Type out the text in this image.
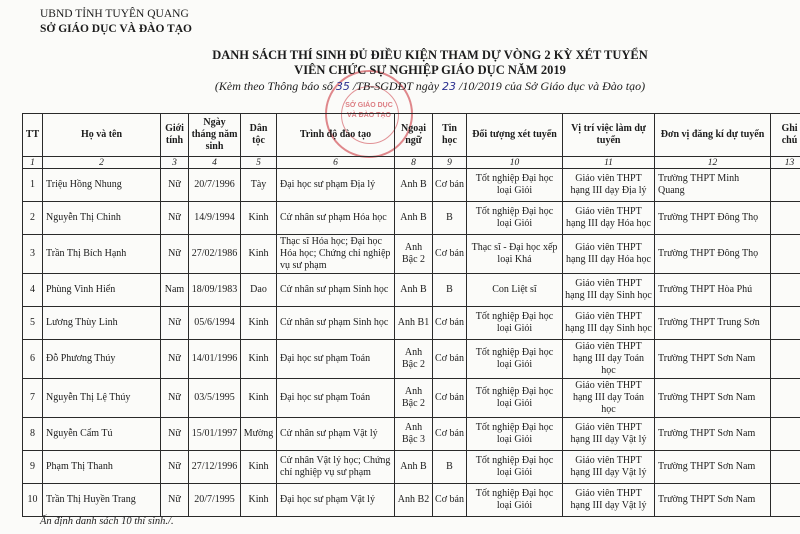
UBND TỈNH TUYÊN QUANG
SỞ GIÁO DỤC VÀ ĐÀO TẠO
SỞ GIÁO DỤC
VÀ ĐÀO TẠO
DANH SÁCH THÍ SINH ĐỦ ĐIỀU KIỆN THAM DỰ VÒNG 2 KỲ XÉT TUYỂN
VIÊN CHỨC SỰ NGHIỆP GIÁO DỤC NĂM 2019
(Kèm theo Thông báo số 35 /TB-SGDĐT ngày 23 /10/2019 của Sở Giáo dục và Đào tạo)
TT	Họ và tên	Giới tính	Ngày tháng năm sinh	Dân tộc	Trình độ đào tạo	Ngoại ngữ	Tin học	Đối tượng xét tuyển	Vị trí việc làm dự tuyển	Đơn vị đăng kí dự tuyển	Ghi chú
1	2	3	4	5	6	8	9	10	11	12	13
1	Triệu Hồng Nhung	Nữ	20/7/1996	Tày	Đại học sư phạm Địa lý	Anh B	Cơ bản	Tốt nghiệp Đại học loại Giỏi	Giáo viên THPT hạng III dạy Địa lý	Trường THPT Minh Quang	
2	Nguyễn Thị Chinh	Nữ	14/9/1994	Kinh	Cử nhân sư phạm Hóa học	Anh B	B	Tốt nghiệp Đại học loại Giỏi	Giáo viên THPT hạng III dạy Hóa học	Trường THPT Đông Thọ	
3	Trần Thị Bích Hạnh	Nữ	27/02/1986	Kinh	Thạc sĩ Hóa học; Đại học Hóa học; Chứng chỉ nghiệp vụ sư phạm	Anh Bậc 2	Cơ bản	Thạc sĩ - Đại học xếp loại Khá	Giáo viên THPT hạng III dạy Hóa học	Trường THPT Đông Thọ	
4	Phùng Vinh Hiển	Nam	18/09/1983	Dao	Cử nhân sư phạm Sinh học	Anh B	B	Con Liệt sĩ	Giáo viên THPT hạng III dạy Sinh học	Trường THPT Hòa Phú	
5	Lương Thùy Linh	Nữ	05/6/1994	Kinh	Cử nhân sư phạm Sinh học	Anh B1	Cơ bản	Tốt nghiệp Đại học loại Giỏi	Giáo viên THPT hạng III dạy Sinh học	Trường THPT Trung Sơn	
6	Đỗ Phương Thúy	Nữ	14/01/1996	Kinh	Đại học sư phạm Toán	Anh Bậc 2	Cơ bản	Tốt nghiệp Đại học loại Giỏi	Giáo viên THPT hạng III dạy Toán học	Trường THPT Sơn Nam	
7	Nguyễn Thị Lệ Thúy	Nữ	03/5/1995	Kinh	Đại học sư phạm Toán	Anh Bậc 2	Cơ bản	Tốt nghiệp Đại học loại Giỏi	Giáo viên THPT hạng III dạy Toán học	Trường THPT Sơn Nam	
8	Nguyễn Cẩm Tú	Nữ	15/01/1997	Mường	Cử nhân sư phạm Vật lý	Anh Bậc 3	Cơ bản	Tốt nghiệp Đại học loại Giỏi	Giáo viên THPT hạng III dạy Vật lý	Trường THPT Sơn Nam	
9	Phạm Thị Thanh	Nữ	27/12/1996	Kinh	Cử nhân Vật lý học; Chứng chỉ nghiệp vụ sư phạm	Anh B	B	Tốt nghiệp Đại học loại Giỏi	Giáo viên THPT hạng III dạy Vật lý	Trường THPT Sơn Nam	
10	Trần Thị Huyền Trang	Nữ	20/7/1995	Kinh	Đại học sư phạm Vật lý	Anh B2	Cơ bản	Tốt nghiệp Đại học loại Giỏi	Giáo viên THPT hạng III dạy Vật lý	Trường THPT Sơn Nam	
Ấn định danh sách 10 thí sinh./.
